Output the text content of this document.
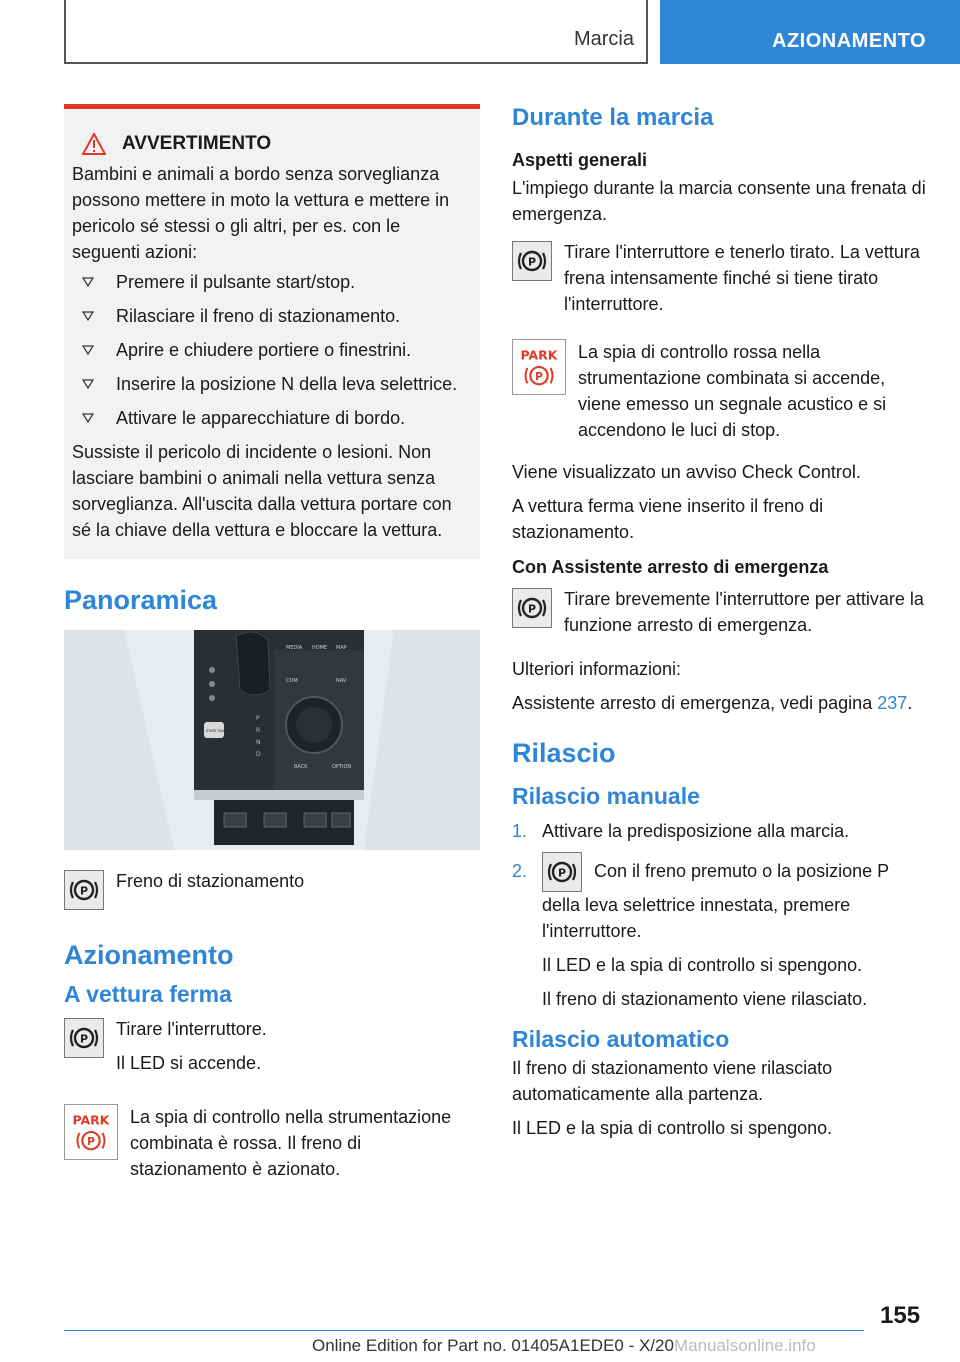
Marcia	AZIONAMENTO
AVVERTIMENTO

Bambini e animali a bordo senza sorveglianza possono mettere in moto la vettura e mettere in pericolo sé stessi o gli altri, per es. con le seguenti azioni:

Premere il pulsante start/stop.
Rilasciare il freno di stazionamento.
Aprire e chiudere portiere o finestrini.
Inserire la posizione N della leva selettrice.
Attivare le apparecchiature di bordo.

Sussiste il pericolo di incidente o lesioni. Non lasciare bambini o animali nella vettura senza sorveglianza. All'uscita dalla vettura portare con sé la chiave della vettura e bloccare la vettura.

Panoramica
MEDIA HOME MAP
COM	NAV
BACK	OPTION
START ENGINE STOP
P
R
N
D
P Freno di stazionamento

Azionamento
A vettura ferma
P Tirare l'interruttore.

Il LED si accende.

PARK
P

La spia di controllo nella strumentazione combinata è rossa. Il freno di stazionamento è azionato.

Durante la marcia
Aspetti generali

L'impiego durante la marcia consente una frenata di emergenza.

P Tirare l'interruttore e tenerlo tirato. La vettura frena intensamente finché si tiene tirato l'interruttore.

PARK
P

La spia di controllo rossa nella strumentazione combinata si accende, viene emesso un segnale acustico e si accendono le luci di stop.

Viene visualizzato un avviso Check Control.

A vettura ferma viene inserito il freno di stazionamento.

Con Assistente arresto di emergenza
P Tirare brevemente l'interruttore per attivare la funzione arresto di emergenza.

Ulteriori informazioni:

Assistente arresto di emergenza, vedi pagina 237.

Rilascio
Rilascio manuale
1. Attivare la predisposizione alla marcia.
2.	P Con il freno premuto o la posizione P della leva selettrice innestata, premere l'interruttore.

Il LED e la spia di controllo si spengono.

Il freno di stazionamento viene rilasciato.

Rilascio automatico

Il freno di stazionamento viene rilasciato automaticamente alla partenza.

Il LED e la spia di controllo si spengono.

155
Online Edition for Part no. 01405A1EDE0 - X/20Manualsonline.info
